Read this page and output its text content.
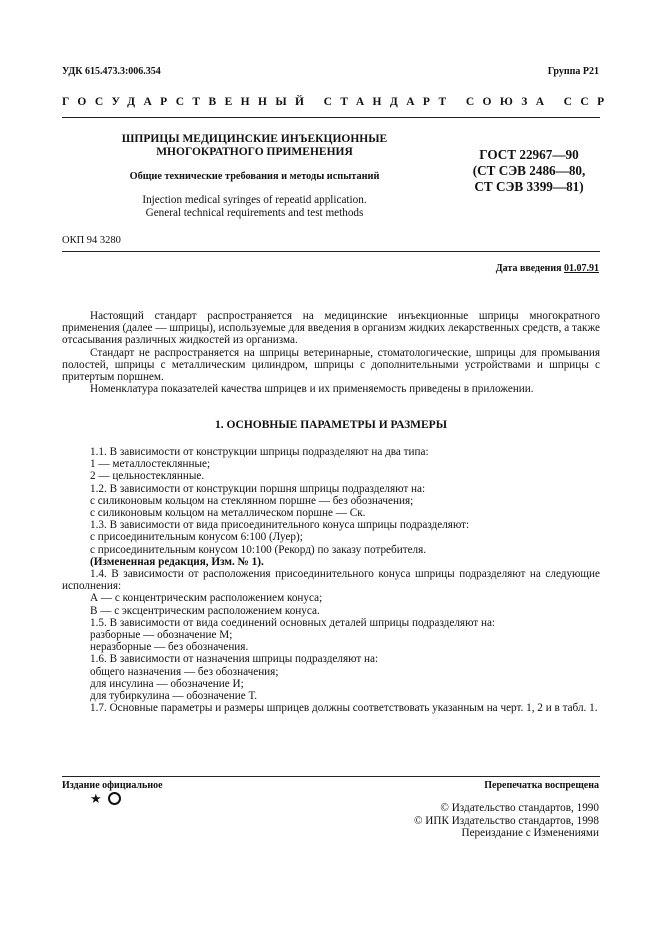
УДК 615.473.3:006.354	Группа Р21
ГОСУДАРСТВЕННЫЙ СТАНДАРТ СОЮЗА ССР
ШПРИЦЫ МЕДИЦИНСКИЕ ИНЪЕКЦИОННЫЕ
МНОГОКРАТНОГО ПРИМЕНЕНИЯ
Общие технические требования и методы испытаний
Injection medical syringes of repeatid application.
General technical requirements and test methods
ГОСТ 22967—90
(СТ СЭВ 2486—80,
СТ СЭВ 3399—81)
ОКП 94 3280
Дата введения 01.07.91

Настоящий стандарт распространяется на медицинские инъекционные шприцы многократного применения (далее — шприцы), используемые для введения в организм жидких лекарственных средств, а также отсасывания различных жидкостей из организма.

Стандарт не распространяется на шприцы ветеринарные, стоматологические, шприцы для промывания полостей, шприцы с металлическим цилиндром, шприцы с дополнительными устройствами и шприцы с притертым поршнем.

Номенклатура показателей качества шприцев и их применяемость приведены в приложении.

1. ОСНОВНЫЕ ПАРАМЕТРЫ И РАЗМЕРЫ

1.1. В зависимости от конструкции шприцы подразделяют на два типа:

1 — металлостеклянные;

2 — цельностеклянные.

1.2. В зависимости от конструкции поршня шприцы подразделяют на:

с силиконовым кольцом на стеклянном поршне — без обозначения;

с силиконовым кольцом на металлическом поршне — Ск.

1.3. В зависимости от вида присоединительного конуса шприцы подразделяют:

с присоединительным конусом 6:100 (Луер);

с присоединительным конусом 10:100 (Рекорд) по заказу потребителя.

(Измененная редакция, Изм. № 1).

1.4. В зависимости от расположения присоединительного конуса шприцы подразделяют на следующие исполнения:

А — с концентрическим расположением конуса;

В — с эксцентрическим расположением конуса.

1.5. В зависимости от вида соединений основных деталей шприцы подразделяют на:

разборные — обозначение М;

неразборные — без обозначения.

1.6. В зависимости от назначения шприцы подразделяют на:

общего назначения — без обозначения;

для инсулина — обозначение И;

для тубиркулина — обозначение Т.

1.7. Основные параметры и размеры шприцев должны соответствовать указанным на черт. 1, 2 и в табл. 1.

Издание официальное	Перепечатка воспрещена
★
© Издательство стандартов, 1990
© ИПК Издательство стандартов, 1998
Переиздание с Изменениями
